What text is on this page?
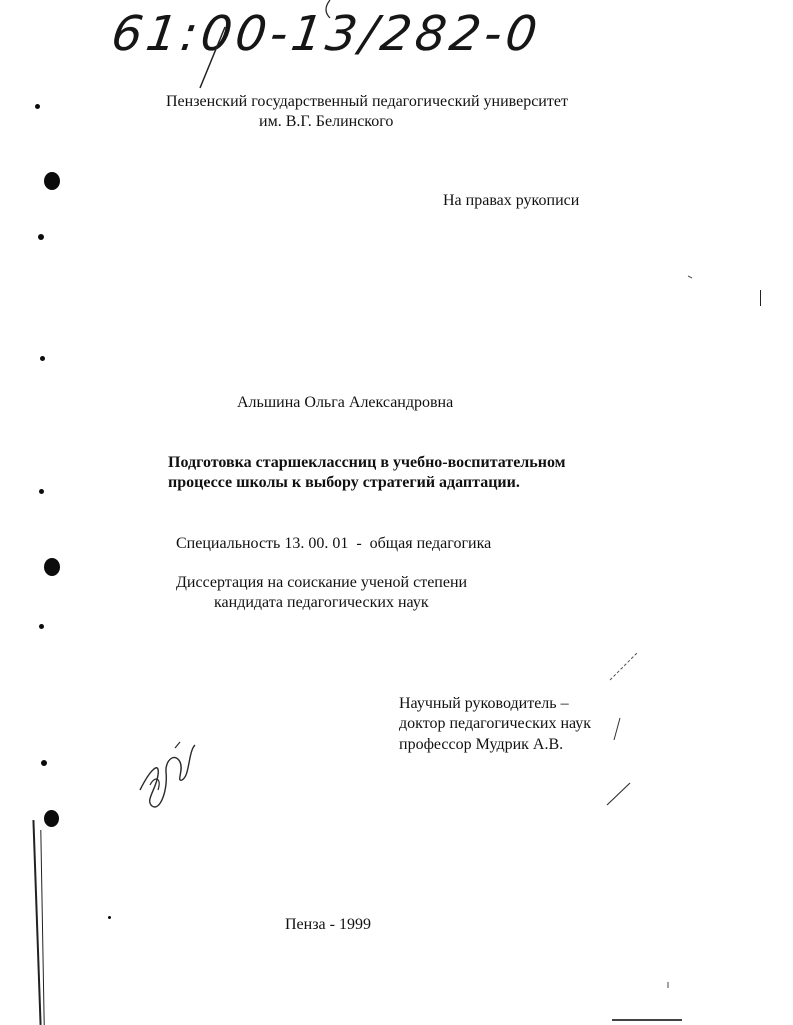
61:00-13/282-0
Пензенский государственный педагогический университет
им. В.Г. Белинского
На правах рукописи
Альшина Ольга Александровна
Подготовка старшеклассниц в учебно-воспитательном
процессе школы к выбору стратегий адаптации.
Специальность 13. 00. 01  -  общая педагогика
Диссертация на соискание ученой степени
кандидата педагогических наук
Научный руководитель –
доктор педагогических наук
профессор Мудрик А.В.
Пенза - 1999
